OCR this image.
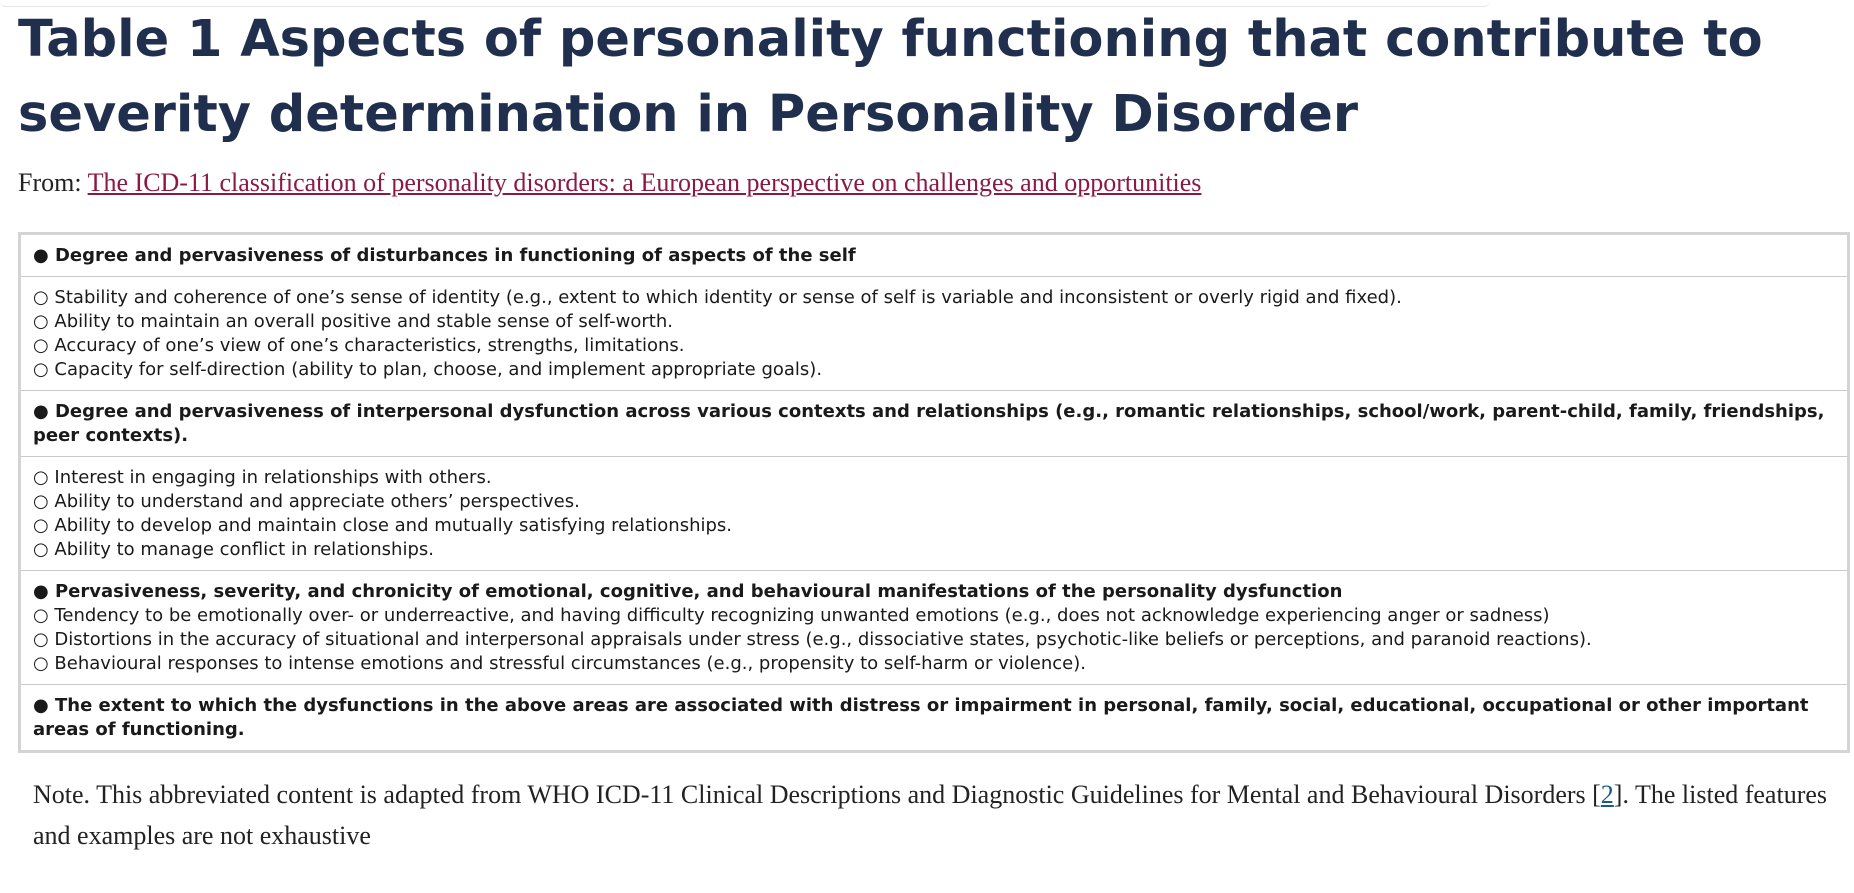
Table 1 Aspects of personality functioning that contribute to severity determination in Personality Disorder

From: The ICD-11 classification of personality disorders: a European perspective on challenges and opportunities

● Degree and pervasiveness of disturbances in functioning of aspects of the self
○ Stability and coherence of one’s sense of identity (e.g., extent to which identity or sense of self is variable and inconsistent or overly rigid and fixed).
○ Ability to maintain an overall positive and stable sense of self-worth.
○ Accuracy of one’s view of one’s characteristics, strengths, limitations.
○ Capacity for self-direction (ability to plan, choose, and implement appropriate goals).
● Degree and pervasiveness of interpersonal dysfunction across various contexts and relationships (e.g., romantic relationships, school/work, parent-child, family, friendships, peer contexts).
○ Interest in engaging in relationships with others.
○ Ability to understand and appreciate others’ perspectives.
○ Ability to develop and maintain close and mutually satisfying relationships.
○ Ability to manage conflict in relationships.
● Pervasiveness, severity, and chronicity of emotional, cognitive, and behavioural manifestations of the personality dysfunction
○ Tendency to be emotionally over- or underreactive, and having difficulty recognizing unwanted emotions (e.g., does not acknowledge experiencing anger or sadness)
○ Distortions in the accuracy of situational and interpersonal appraisals under stress (e.g., dissociative states, psychotic-like beliefs or perceptions, and paranoid reactions).
○ Behavioural responses to intense emotions and stressful circumstances (e.g., propensity to self-harm or violence).
● The extent to which the dysfunctions in the above areas are associated with distress or impairment in personal, family, social, educational, occupational or other important areas of functioning.

Note. This abbreviated content is adapted from WHO ICD-11 Clinical Descriptions and Diagnostic Guidelines for Mental and Behavioural Disorders [2]. The listed features and examples are not exhaustive
